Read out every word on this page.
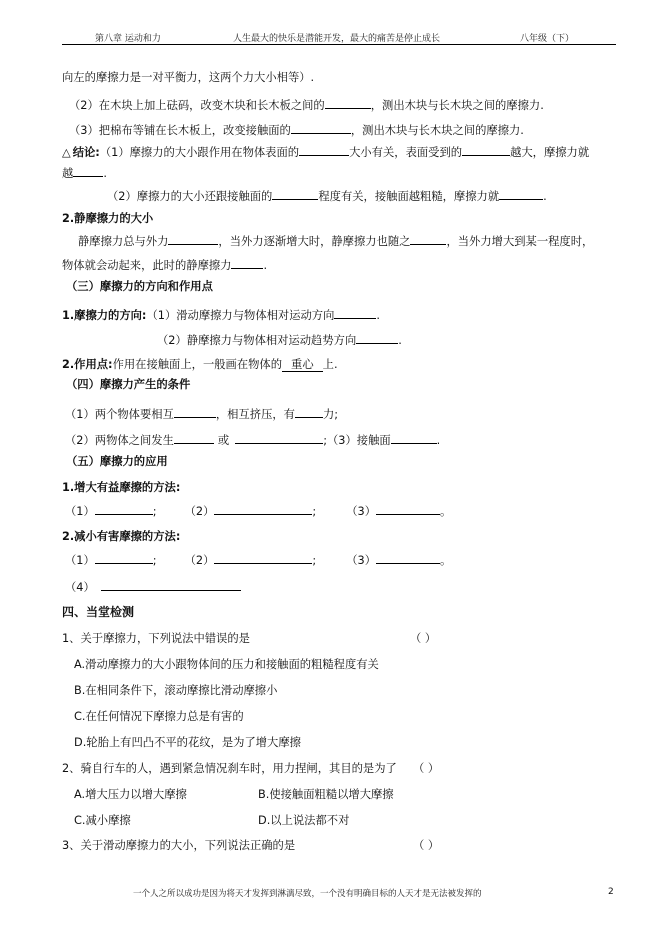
第八章 运动和力	人生最大的快乐是潜能开发，最大的痛苦是停止成长	八年级（下）
向左的摩擦力是一对平衡力，这两个力大小相等）.
（2）在木块上加上砝码，改变木块和长木板之间的	，测出木块与长木块之间的摩擦力.
（3）把棉布等铺在长木板上，改变接触面的	，测出木块与长木块之间的摩擦力.
△ 结论:（1）摩擦力的大小跟作用在物体表面的	大小有关，表面受到的	越大，摩擦力就
越	.
（2）摩擦力的大小还跟接触面的	程度有关，接触面越粗糙，摩擦力就	.
2.静摩擦力的大小
静摩擦力总与外力	，当外力逐渐增大时，静摩擦力也随之	，当外力增大到某一程度时，
物体就会动起来，此时的静摩擦力	.
（三）摩擦力的方向和作用点
1.摩擦力的方向:（1）滑动摩擦力与物体相对运动方向	.
（2）静摩擦力与物体相对运动趋势方向	.
2.作用点:作用在接触面上，一般画在物体的 重心 上.
（四）摩擦力产生的条件
（1）两个物体要相互	，相互挤压，有 力;
（2）两物体之间发生	或	;（3）接触面	.
（五）摩擦力的应用
1.增大有益摩擦的方法:
（1）	; （2）	;	（3）	。
2.减小有害摩擦的方法:
（1）	; （2）	;	（3）	。
（4）
四、当堂检测
1、关于摩擦力，下列说法中错误的是	（ ）
A.滑动摩擦力的大小跟物体间的压力和接触面的粗糙程度有关
B.在相同条件下，滚动摩擦比滑动摩擦小
C.在任何情况下摩擦力总是有害的
D.轮胎上有凹凸不平的花纹，是为了增大摩擦
2、骑自行车的人，遇到紧急情况刹车时，用力捏闸，其目的是为了 （ ）
A.增大压力以增大摩擦	B.使接触面粗糙以增大摩擦
C.减小摩擦	D.以上说法都不对
3、关于滑动摩擦力的大小，下列说法正确的是	（ ）
一个人之所以成功是因为将天才发挥到淋漓尽致，一个没有明确目标的人天才是无法被发挥的	2
